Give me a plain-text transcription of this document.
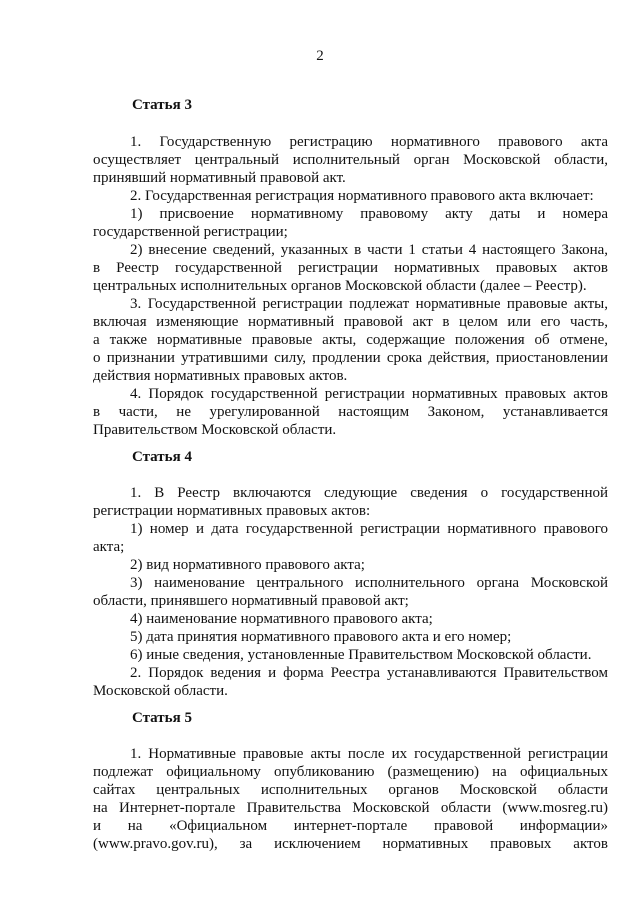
2
Статья 3
1. Государственную регистрацию нормативного правового акта
осуществляет центральный исполнительный орган Московской области,
принявший нормативный правовой акт.
2. Государственная регистрация нормативного правового акта включает:
1) присвоение нормативному правовому акту даты и номера
государственной регистрации;
2) внесение сведений, указанных в части 1 статьи 4 настоящего Закона,
в Реестр государственной регистрации нормативных правовых актов
центральных исполнительных органов Московской области (далее – Реестр).
3. Государственной регистрации подлежат нормативные правовые акты,
включая изменяющие нормативный правовой акт в целом или его часть,
а также нормативные правовые акты, содержащие положения об отмене,
о признании утратившими силу, продлении срока действия, приостановлении
действия нормативных правовых актов.
4. Порядок государственной регистрации нормативных правовых актов
в части, не урегулированной настоящим Законом, устанавливается
Правительством Московской области.
Статья 4
1. В Реестр включаются следующие сведения о государственной
регистрации нормативных правовых актов:
1) номер и дата государственной регистрации нормативного правового
акта;
2) вид нормативного правового акта;
3) наименование центрального исполнительного органа Московской
области, принявшего нормативный правовой акт;
4) наименование нормативного правового акта;
5) дата принятия нормативного правового акта и его номер;
6) иные сведения, установленные Правительством Московской области.
2. Порядок ведения и форма Реестра устанавливаются Правительством
Московской области.
Статья 5
1. Нормативные правовые акты после их государственной регистрации
подлежат официальному опубликованию (размещению) на официальных
сайтах центральных исполнительных органов Московской области
на Интернет-портале Правительства Московской области (www.mosreg.ru)
и на «Официальном интернет-портале правовой информации»
(www.pravo.gov.ru), за исключением нормативных правовых актов
